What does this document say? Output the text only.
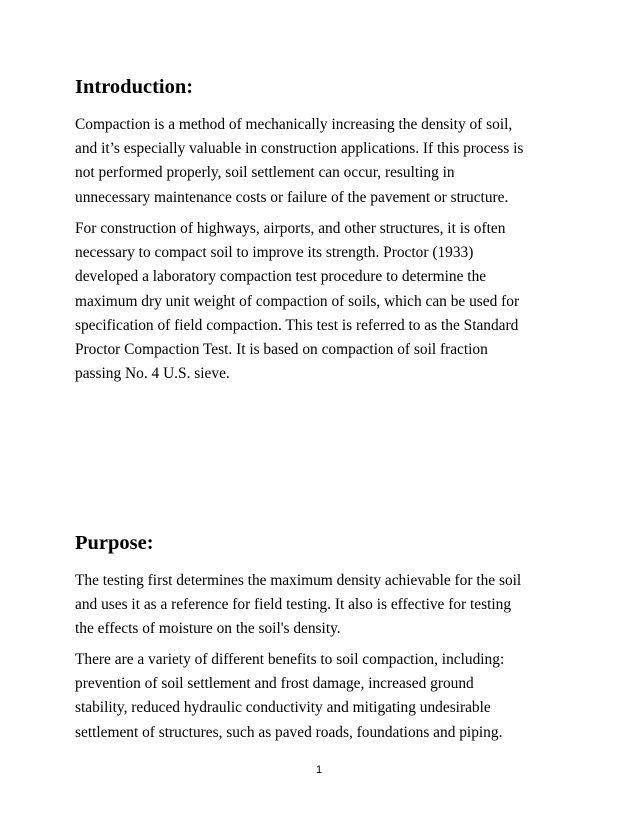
Introduction:

Compaction is a method of mechanically increasing the density of soil,
and it’s especially valuable in construction applications. If this process is
not performed properly, soil settlement can occur, resulting in
unnecessary maintenance costs or failure of the pavement or structure.

For construction of highways, airports, and other structures, it is often
necessary to compact soil to improve its strength. Proctor (1933)
developed a laboratory compaction test procedure to determine the
maximum dry unit weight of compaction of soils, which can be used for
specification of field compaction. This test is referred to as the Standard
Proctor Compaction Test. It is based on compaction of soil fraction
passing No. 4 U.S. sieve.

Purpose:

The testing first determines the maximum density achievable for the soil
and uses it as a reference for field testing. It also is effective for testing
the effects of moisture on the soil's density.

There are a variety of different benefits to soil compaction, including:
prevention of soil settlement and frost damage, increased ground
stability, reduced hydraulic conductivity and mitigating undesirable
settlement of structures, such as paved roads, foundations and piping.

1
